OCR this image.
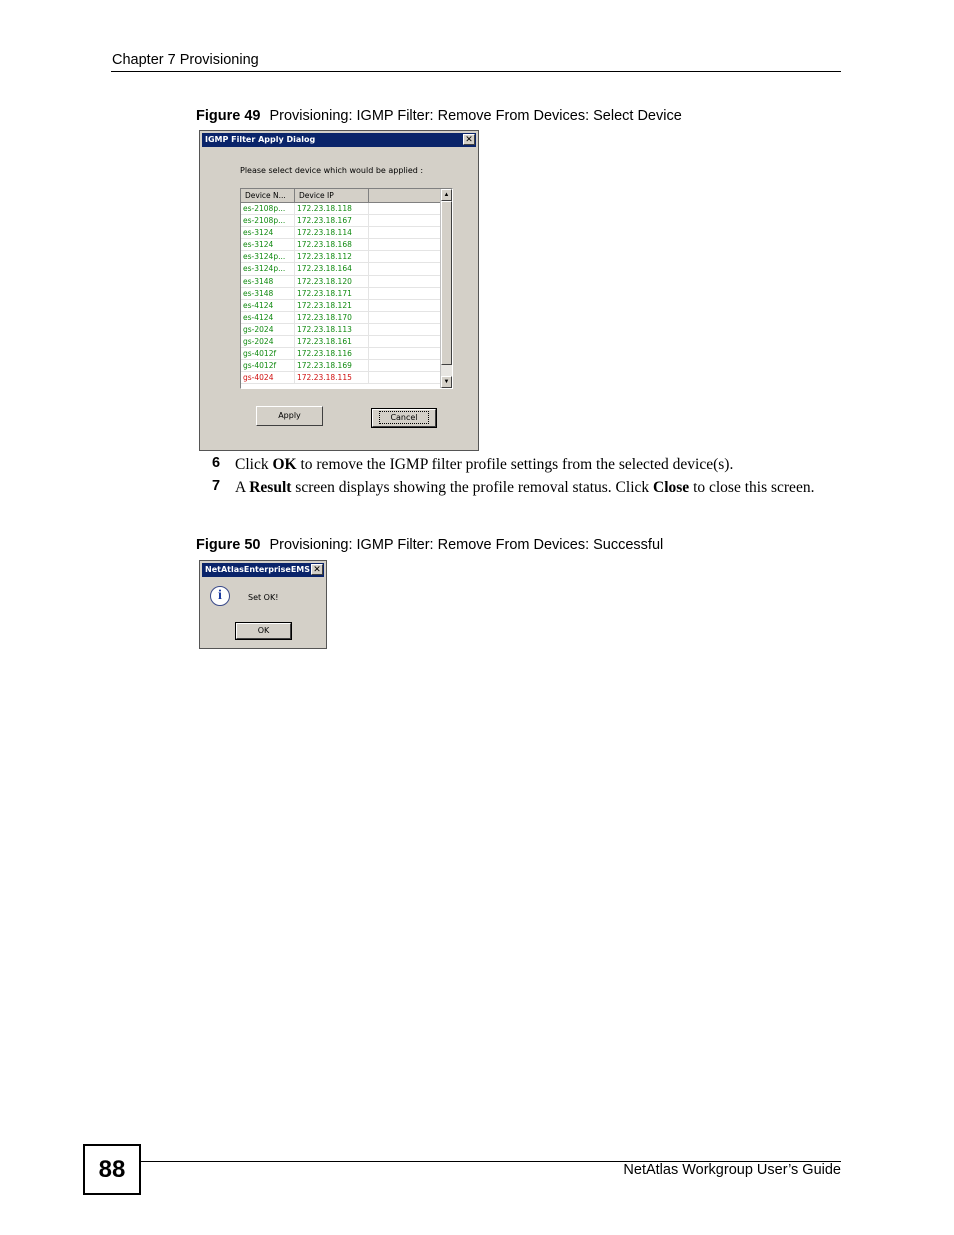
Chapter 7 Provisioning
Figure 49 Provisioning: IGMP Filter: Remove From Devices: Select Device
IGMP Filter Apply Dialog	✕
Please select device which would be applied :
Device N...	Device IP
es-2108p...	172.23.18.118
es-2108p...	172.23.18.167
es-3124	172.23.18.114
es-3124	172.23.18.168
es-3124p...	172.23.18.112
es-3124p...	172.23.18.164
es-3148	172.23.18.120
es-3148	172.23.18.171
es-4124	172.23.18.121
es-4124	172.23.18.170
gs-2024	172.23.18.113
gs-2024	172.23.18.161
gs-4012f	172.23.18.116
gs-4012f	172.23.18.169
gs-4024	172.23.18.115
▲
▼
Apply	Cancel
6 Click OK to remove the IGMP filter profile settings from the selected device(s).
7 A Result screen displays showing the profile removal status. Click Close to close this screen.
Figure 50 Provisioning: IGMP Filter: Remove From Devices: Successful
NetAtlasEnterpriseEMS ✕
i	Set OK!
OK
88	NetAtlas Workgroup User’s Guide
